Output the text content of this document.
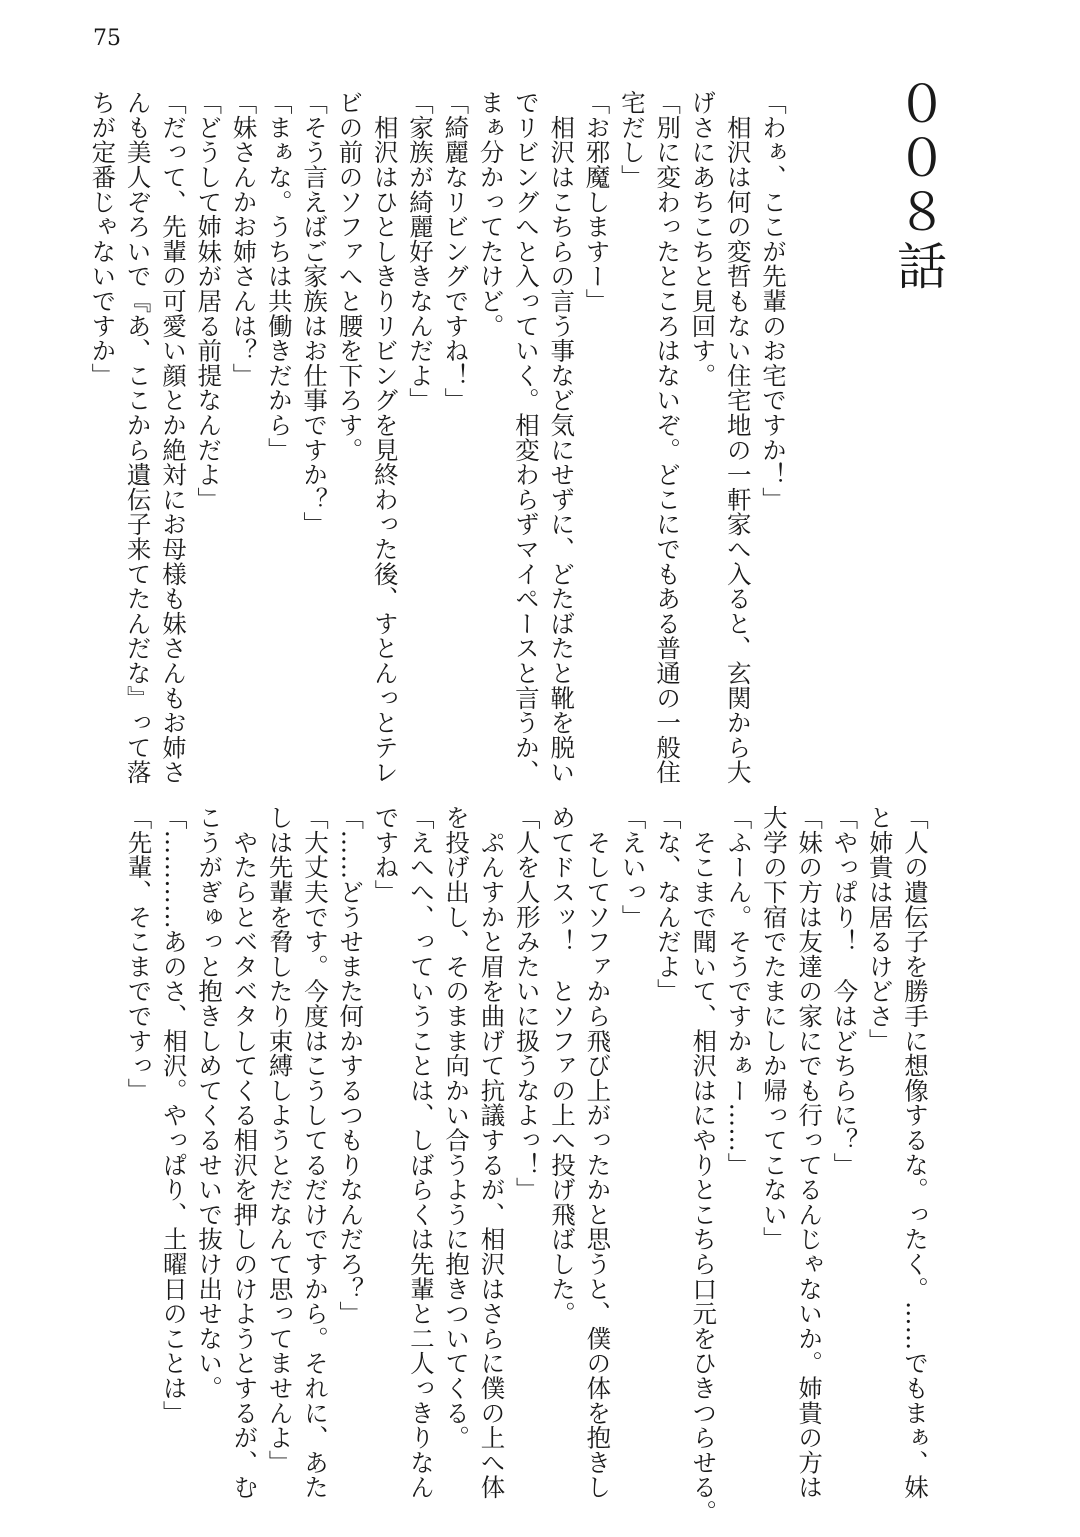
75
００８話
「わぁ、ここが先輩のお宅ですか！」
　相沢は何の変哲もない住宅地の一軒家へ入ると、玄関から大
げさにあちこちと見回す。
「別に変わったところはないぞ。どこにでもある普通の一般住
宅だし」
「お邪魔しますー」
　相沢はこちらの言う事など気にせずに、どたばたと靴を脱い
でリビングへと入っていく。相変わらずマイペースと言うか、
まぁ分かってたけど。
「綺麗なリビングですね！」
「家族が綺麗好きなんだよ」
　相沢はひとしきりリビングを見終わった後、すとんっとテレ
ビの前のソファへと腰を下ろす。
「そう言えばご家族はお仕事ですか？」
「まぁな。うちは共働きだから」
「妹さんかお姉さんは？」
「どうして姉妹が居る前提なんだよ」
「だって、先輩の可愛い顔とか絶対にお母様も妹さんもお姉さ
んも美人ぞろいで『あ、ここから遺伝子来てたんだな』って落
ちが定番じゃないですか」
「人の遺伝子を勝手に想像するな。ったく。……でもまぁ、妹
と姉貴は居るけどさ」
「やっぱり！　今はどちらに？」
「妹の方は友達の家にでも行ってるんじゃないか。姉貴の方は
大学の下宿でたまにしか帰ってこない」
「ふーん。そうですかぁー……」
　そこまで聞いて、相沢はにやりとこちら口元をひきつらせる。
「な、なんだよ」
「えいっ」
　そしてソファから飛び上がったかと思うと、僕の体を抱きし
めてドスッ！　とソファの上へ投げ飛ばした。
「人を人形みたいに扱うなよっ！」
　ぷんすかと眉を曲げて抗議するが、相沢はさらに僕の上へ体
を投げ出し、そのまま向かい合うように抱きついてくる。
「えへへ、っていうことは、しばらくは先輩と二人っきりなん
ですね」
「……どうせまた何かするつもりなんだろ？」
「大丈夫です。今度はこうしてるだけですから。それに、あた
しは先輩を脅したり束縛しようとだなんて思ってませんよ」
　やたらとベタベタしてくる相沢を押しのけようとするが、む
こうがぎゅっと抱きしめてくるせいで抜け出せない。
「…………あのさ、相沢。やっぱり、土曜日のことは」
「先輩、そこまでですっ」
